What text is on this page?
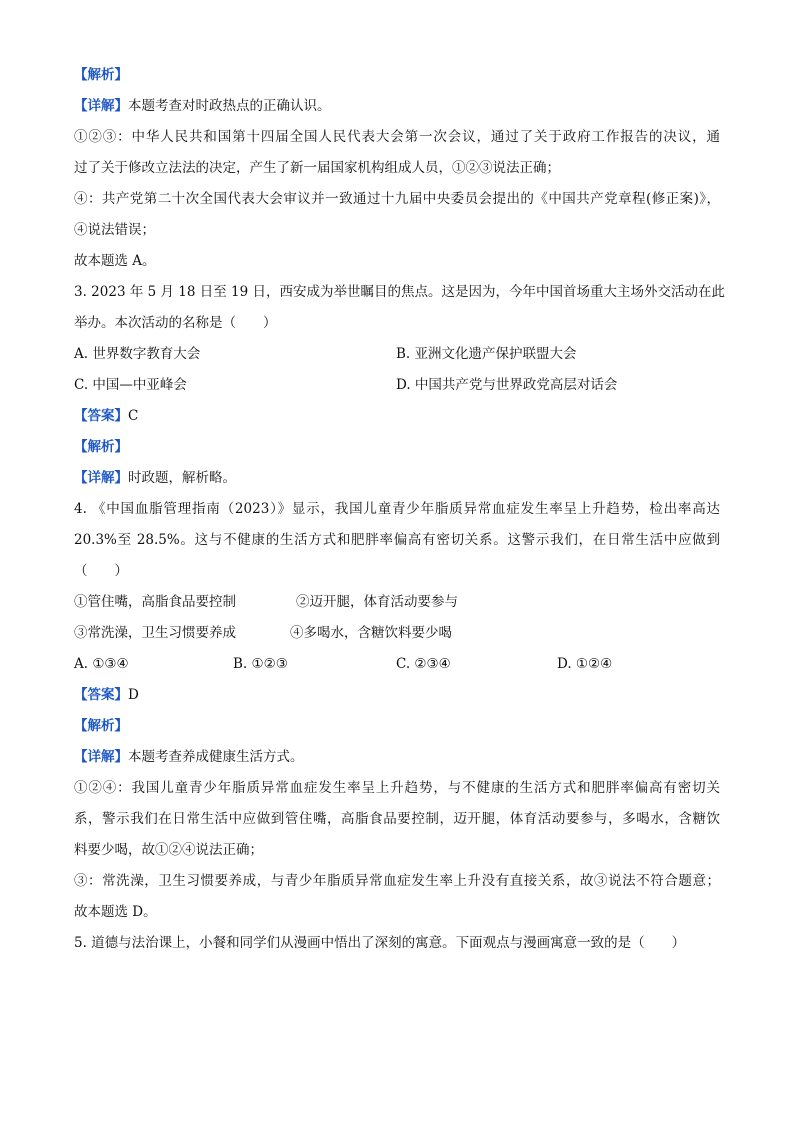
【解析】
【详解】本题考查对时政热点的正确认识。
①②③：中华人民共和国第十四届全国人民代表大会第一次会议，通过了关于政府工作报告的决议，通
过了关于修改立法法的决定，产生了新一届国家机构组成人员，①②③说法正确；
④：共产党第二十次全国代表大会审议并一致通过十九届中央委员会提出的《中国共产党章程(修正案)》，
④说法错误；
故本题选 A。
3. 2023 年 5 月 18 日至 19 日，西安成为举世瞩目的焦点。这是因为，今年中国首场重大主场外交活动在此
举办。本次活动的名称是（　　）
A. 世界数字教育大会	B. 亚洲文化遗产保护联盟大会
C. 中国—中亚峰会	D. 中国共产党与世界政党高层对话会
【答案】C
【解析】
【详解】时政题，解析略。
4. 《中国血脂管理指南（2023）》显示，我国儿童青少年脂质异常血症发生率呈上升趋势，检出率高达
20.3%至 28.5%。这与不健康的生活方式和肥胖率偏高有密切关系。这警示我们，在日常生活中应做到
（　　）
①管住嘴，高脂食品要控制	②迈开腿，体育活动要参与
③常洗澡，卫生习惯要养成	④多喝水，含糖饮料要少喝
A. ①③④	B. ①②③	C. ②③④	D. ①②④
【答案】D
【解析】
【详解】本题考查养成健康生活方式。
①②④：我国儿童青少年脂质异常血症发生率呈上升趋势，与不健康的生活方式和肥胖率偏高有密切关
系，警示我们在日常生活中应做到管住嘴，高脂食品要控制，迈开腿，体育活动要参与，多喝水，含糖饮
料要少喝，故①②④说法正确；
③：常洗澡，卫生习惯要养成，与青少年脂质异常血症发生率上升没有直接关系，故③说法不符合题意；
故本题选 D。
5. 道德与法治课上，小餐和同学们从漫画中悟出了深刻的寓意。下面观点与漫画寓意一致的是（　　）
